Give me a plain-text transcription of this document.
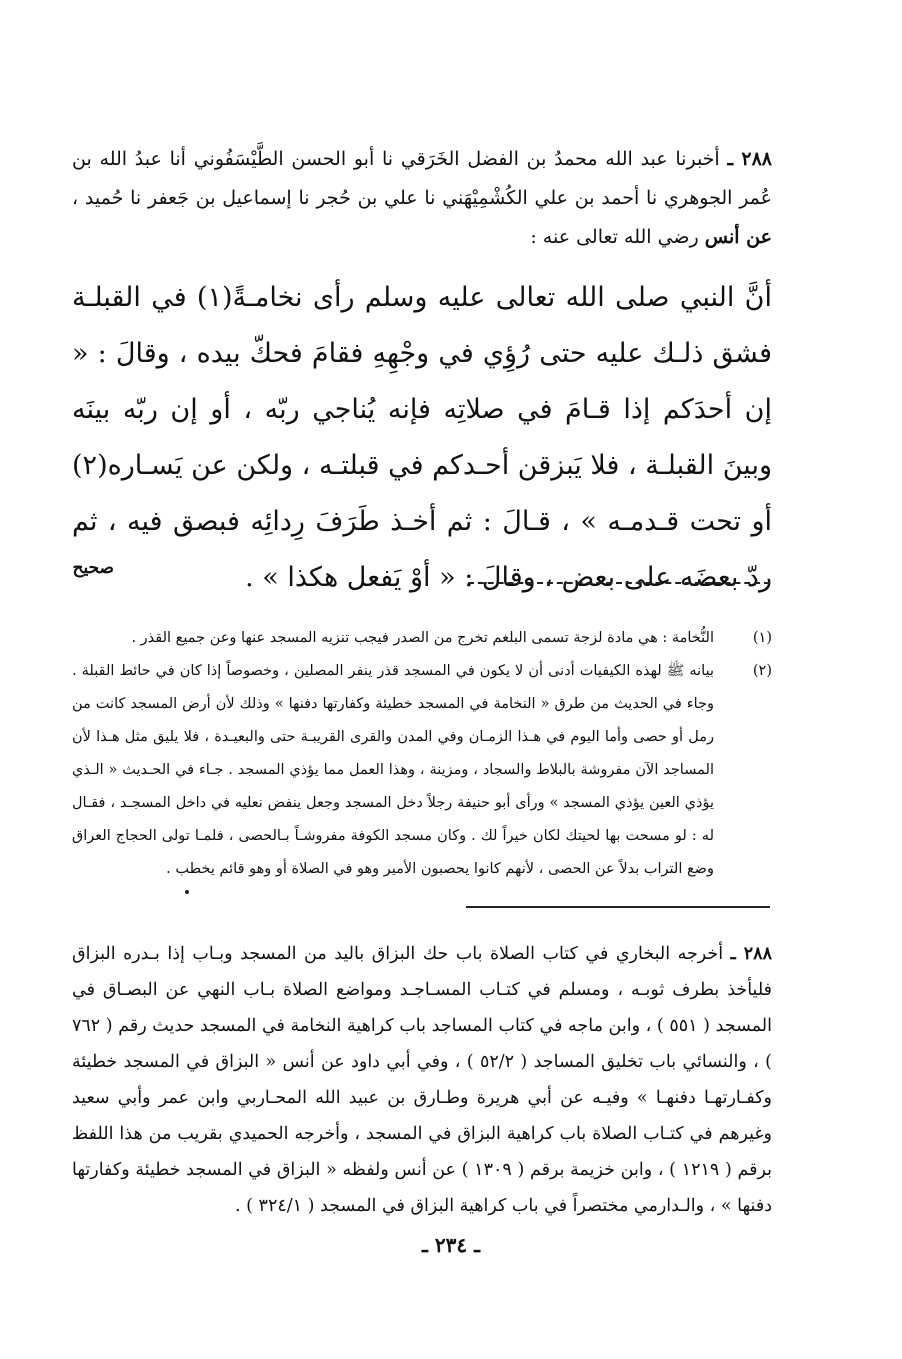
٢٨٨ ـ أخبرنا عبد الله محمدُ بن الفضل الخَرَقي نا أبو الحسن الطَّيْسَفُوني أنا عبدُ الله بن عُمر الجوهري نا أحمد بن علي الكُشْمِيْهَني نا علي بن حُجر نا إسماعيل بن جَعفر نا حُميد ، عن أنس رضي الله تعالى عنه :
أنَّ النبي صلى الله تعالى عليه وسلم رأى نخامـةً(١) في القبلـة فشق ذلـك عليه حتى رُؤِي في وجْهِهِ فقامَ فحكّ بيده ، وقالَ : « إن أحدَكم إذا قـامَ في صلاتِه فإنه يُناجي ربّه ، أو إن ربّه بينَه وبينَ القبلـة ، فلا يَبزقن أحـدكم في قبلتـه ، ولكن عن يَسـاره(٢) أو تحت قـدمـه » ، قـالَ : ثم أخـذ طَرَفَ رِدائِه فبصق فيه ، ثم ردّ بعضَه على بعض ، وقالَ : « أوْ يَفعل هكذا » .
صحيح
(١)
النُّخامة : هي مادة لزجة تسمى البلغم تخرج من الصدر فيجب تنزيه المسجد عنها وعن جميع القذر .
(٢)
بيانه ﷺ لهذه الكيفيات أدنى أن لا يكون في المسجد قذر ينفر المصلين ، وخصوصاً إذا كان في حائط القبلة . وجاء في الحديث من طرق « النخامة في المسجد خطيئة وكفارتها دفنها » وذلك لأن أرض المسجد كانت من رمل أو حصى وأما اليوم في هـذا الزمـان وفي المدن والقرى القريبـة حتى والبعيـدة ، فلا يليق مثل هـذا لأن المساجد الآن مفروشة بالبلاط والسجاد ، ومزينة ، وهذا العمل مما يؤذي المسجد . جـاء في الحـديث « الـذي يؤذي العين يؤذي المسجد » ورأى أبو حنيفة رجلاً دخل المسجد وجعل ينفض نعليه في داخل المسجـد ، فقـال له : لو مسحت بها لحيتك لكان خيراً لك . وكان مسجد الكوفة مفروشـاً بـالحصى ، فلمـا تولى الحجاج العراق وضع التراب بدلاً عن الحصى ، لأنهم كانوا يحصبون الأمير وهو في الصلاة أو وهو قائم يخطب .
٢٨٨ ـ أخرجه البخاري في كتاب الصلاة باب حك البزاق باليد من المسجد وبـاب إذا بـدره البزاق فليأخذ بطرف ثوبـه ، ومسلم في كتـاب المسـاجـد ومواضع الصلاة بـاب النهي عن البصـاق في المسجد ( ٥٥١ ) ، وابن ماجه في كتاب المساجد باب كراهية النخامة في المسجد حديث رقم ( ٧٦٢ ) ، والنسائي باب تخليق المساجد ( ٥٢/٢ ) ، وفي أبي داود عن أنس « البزاق في المسجد خطيئة وكفـارتهـا دفنهـا » وفيـه عن أبي هريرة وطـارق بن عبيد الله المحـاربي وابن عمر وأبي سعيد وغيرهم في كتـاب الصلاة باب كراهية البزاق في المسجد ، وأخرجه الحميدي بقريب من هذا اللفظ برقم ( ١٢١٩ ) ، وابن خزيمة برقم ( ١٣٠٩ ) عن أنس ولفظه « البزاق في المسجد خطيئة وكفارتها دفنها » ، والـدارمي مختصراً في باب كراهية البزاق في المسجد ( ٣٢٤/١ ) .
ـ ٢٣٤ ـ
